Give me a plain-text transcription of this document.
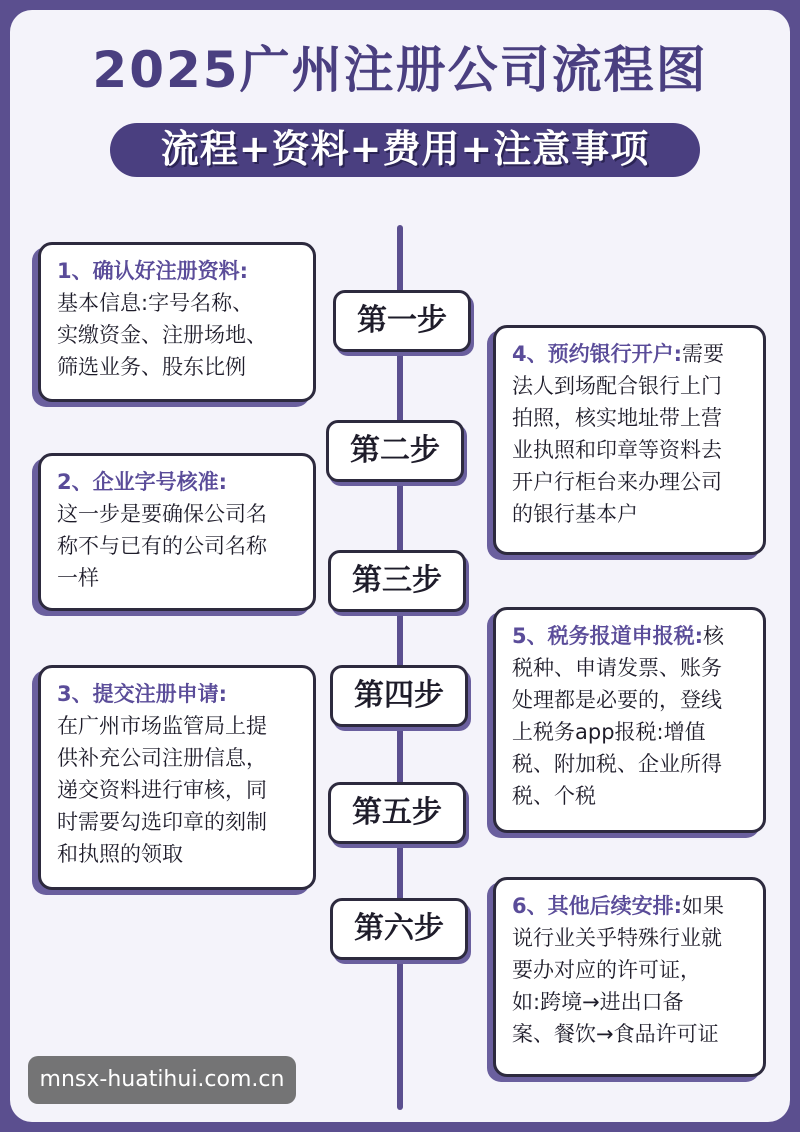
2025广州注册公司流程图
流程+资料+费用+注意事项
第一步
第二步
第三步
第四步
第五步
第六步
1、确认好注册资料:
基本信息:字号名称、
实缴资金、注册场地、
筛选业务、股东比例
2、企业字号核准:
这一步是要确保公司名
称不与已有的公司名称
一样
3、提交注册申请:
在广州市场监管局上提
供补充公司注册信息，
递交资料进行审核，同
时需要勾选印章的刻制
和执照的领取
4、预约银行开户:需要
法人到场配合银行上门
拍照，核实地址带上营
业执照和印章等资料去
开户行柜台来办理公司
的银行基本户
5、税务报道申报税:核
税种、申请发票、账务
处理都是必要的，登线
上税务app报税:增值
税、附加税、企业所得
税、个税
6、其他后续安排:如果
说行业关乎特殊行业就
要办对应的许可证，
如:跨境→进出口备
案、餐饮→食品许可证
mnsx-huatihui.com.cn
